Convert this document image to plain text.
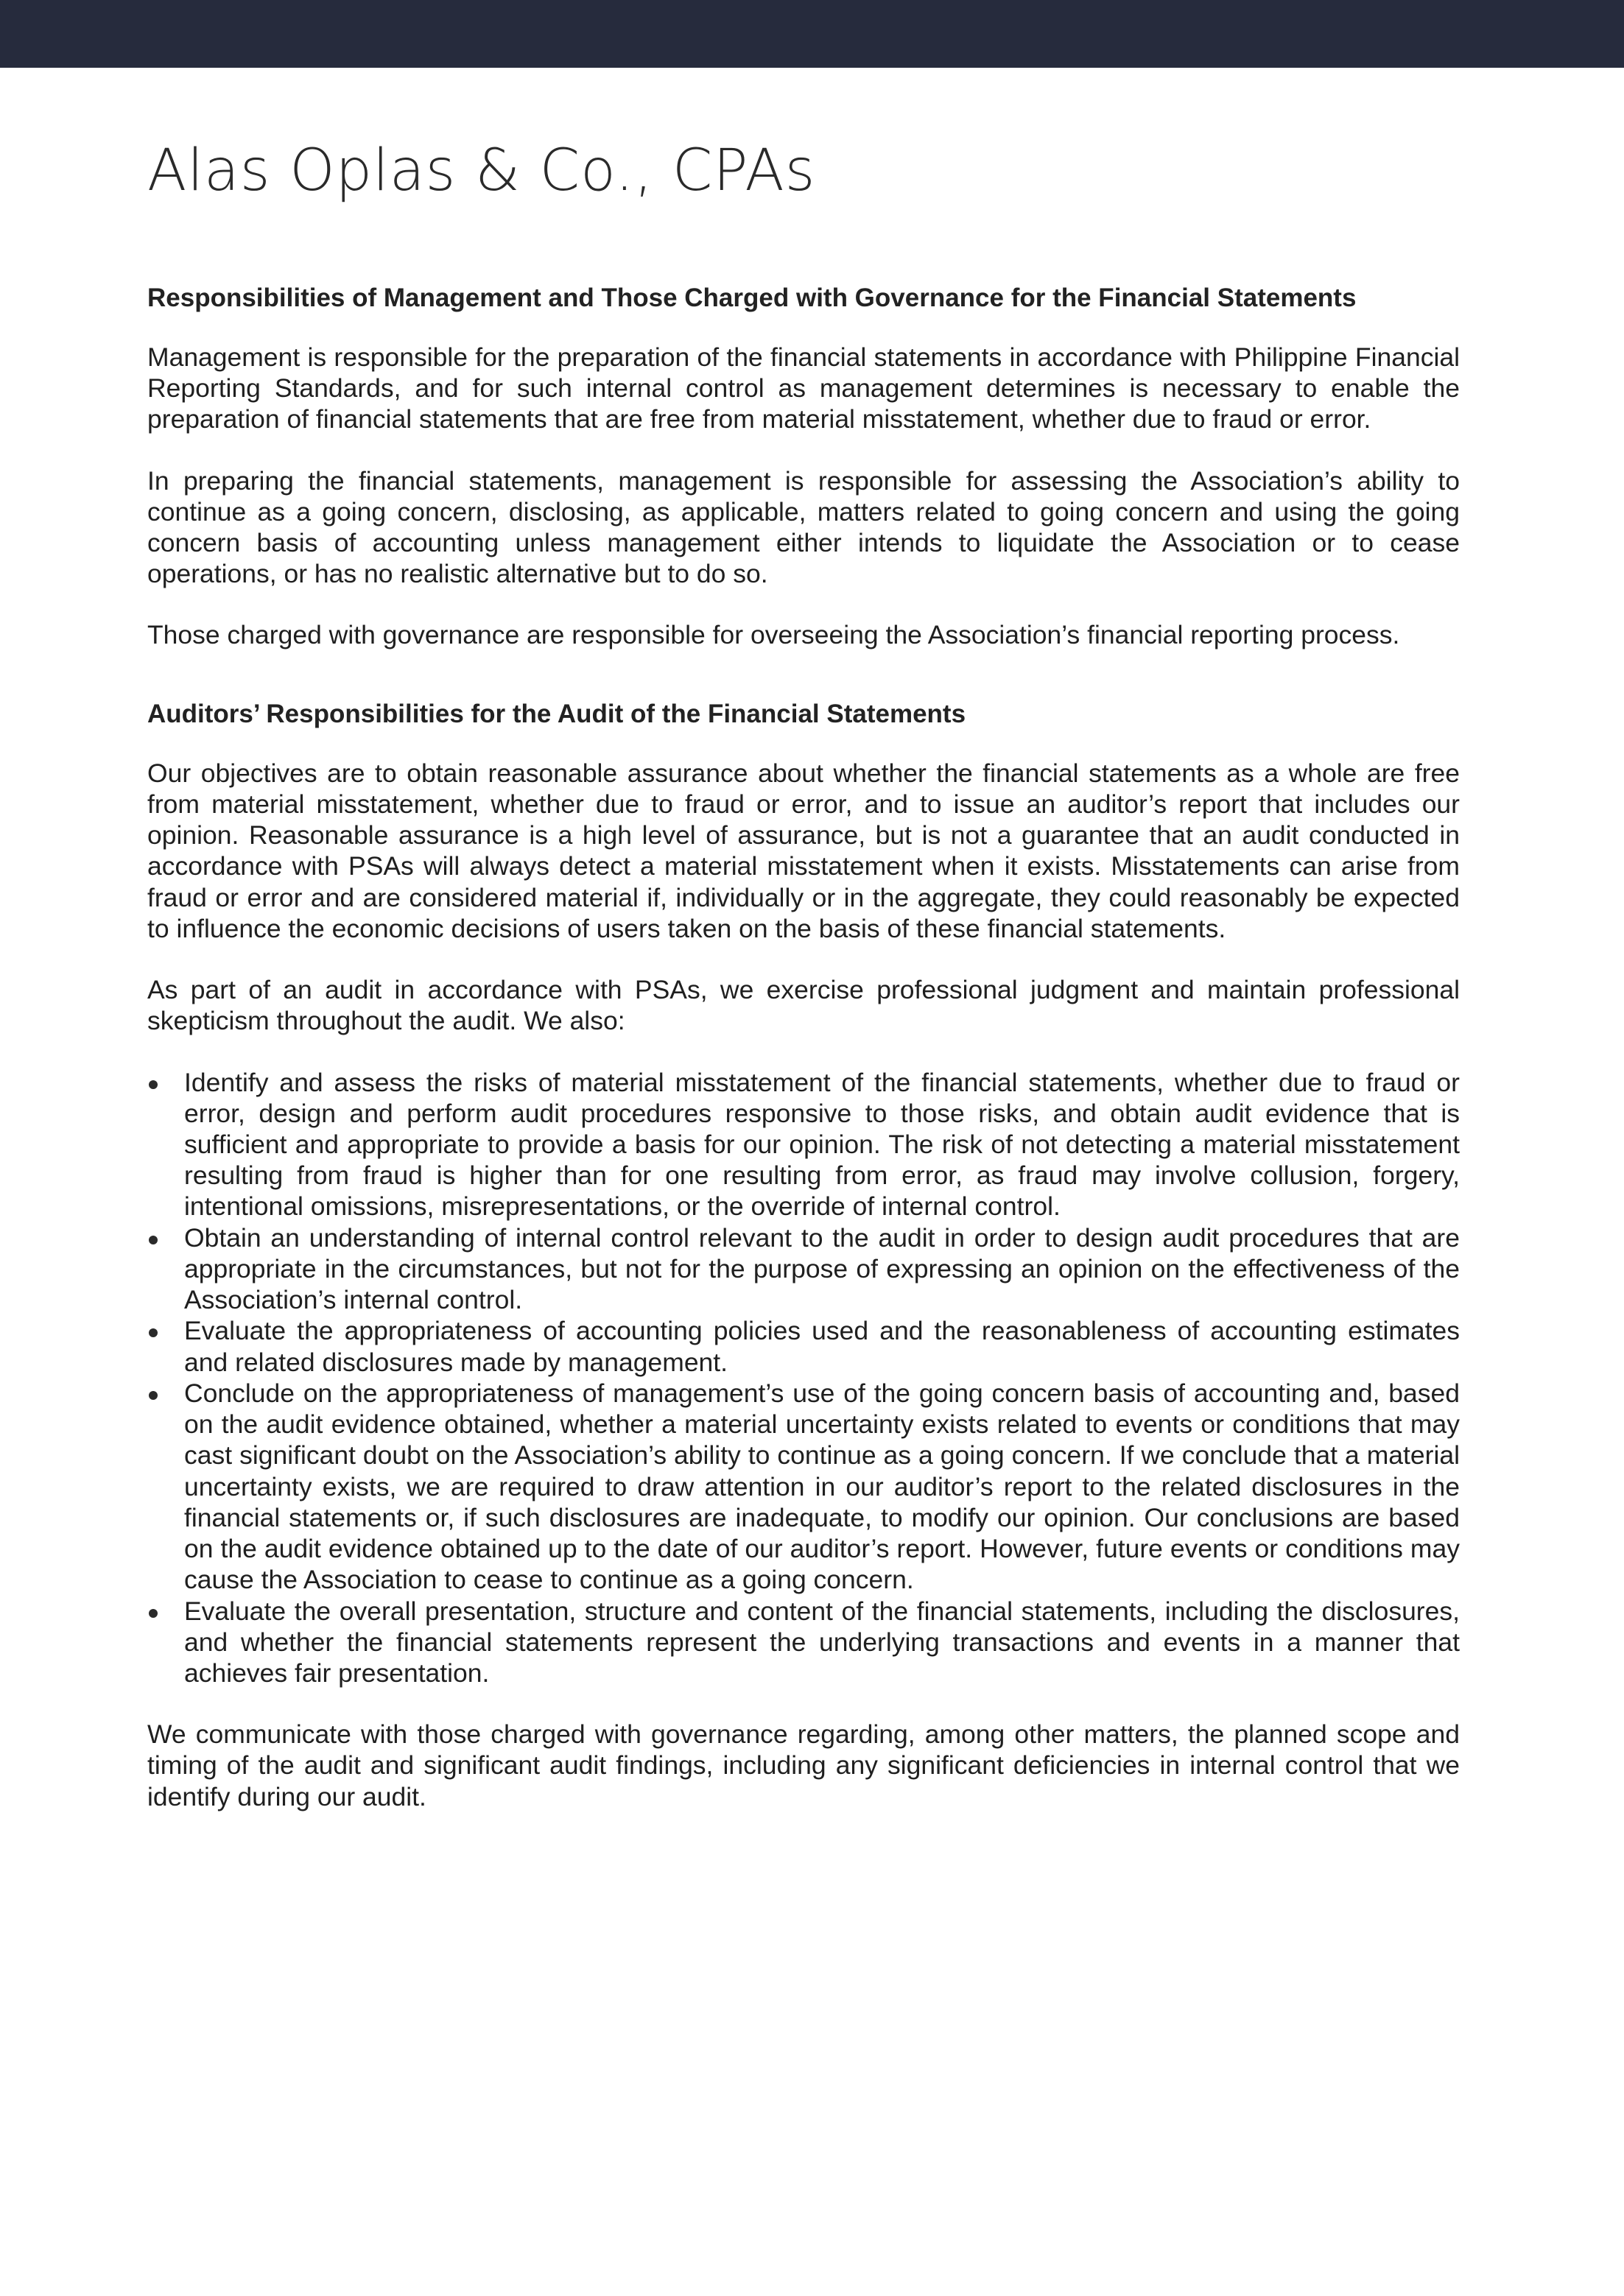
Alas Oplas & Co., CPAs
Responsibilities of Management and Those Charged with Governance for the Financial Statements

Management is responsible for the preparation of the financial statements in accordance with Philippine Financial Reporting Standards, and for such internal control as management determines is necessary to enable the preparation of financial statements that are free from material misstatement, whether due to fraud or error.

In preparing the financial statements, management is responsible for assessing the Association’s ability to continue as a going concern, disclosing, as applicable, matters related to going concern and using the going concern basis of accounting unless management either intends to liquidate the Association or to cease operations, or has no realistic alternative but to do so.

Those charged with governance are responsible for overseeing the Association’s financial reporting process.

Auditors’ Responsibilities for the Audit of the Financial Statements

Our objectives are to obtain reasonable assurance about whether the financial statements as a whole are free from material misstatement, whether due to fraud or error, and to issue an auditor’s report that includes our opinion. Reasonable assurance is a high level of assurance, but is not a guarantee that an audit conducted in accordance with PSAs will always detect a material misstatement when it exists. Misstatements can arise from fraud or error and are considered material if, individually or in the aggregate, they could reasonably be expected to influence the economic decisions of users taken on the basis of these financial statements.

As part of an audit in accordance with PSAs, we exercise professional judgment and maintain professional skepticism throughout the audit. We also:

Identify and assess the risks of material misstatement of the financial statements, whether due to fraud or error, design and perform audit procedures responsive to those risks, and obtain audit evidence that is sufficient and appropriate to provide a basis for our opinion. The risk of not detecting a material misstatement resulting from fraud is higher than for one resulting from error, as fraud may involve collusion, forgery, intentional omissions, misrepresentations, or the override of internal control.
Obtain an understanding of internal control relevant to the audit in order to design audit procedures that are appropriate in the circumstances, but not for the purpose of expressing an opinion on the effectiveness of the Association’s internal control.
Evaluate the appropriateness of accounting policies used and the reasonableness of accounting estimates and related disclosures made by management.
Conclude on the appropriateness of management’s use of the going concern basis of accounting and, based on the audit evidence obtained, whether a material uncertainty exists related to events or conditions that may cast significant doubt on the Association’s ability to continue as a going concern. If we conclude that a material uncertainty exists, we are required to draw attention in our auditor’s report to the related disclosures in the financial statements or, if such disclosures are inadequate, to modify our opinion. Our conclusions are based on the audit evidence obtained up to the date of our auditor’s report. However, future events or conditions may cause the Association to cease to continue as a going concern.
Evaluate the overall presentation, structure and content of the financial statements, including the disclosures, and whether the financial statements represent the underlying transactions and events in a manner that achieves fair presentation.

We communicate with those charged with governance regarding, among other matters, the planned scope and timing of the audit and significant audit findings, including any significant deficiencies in internal control that we identify during our audit.
